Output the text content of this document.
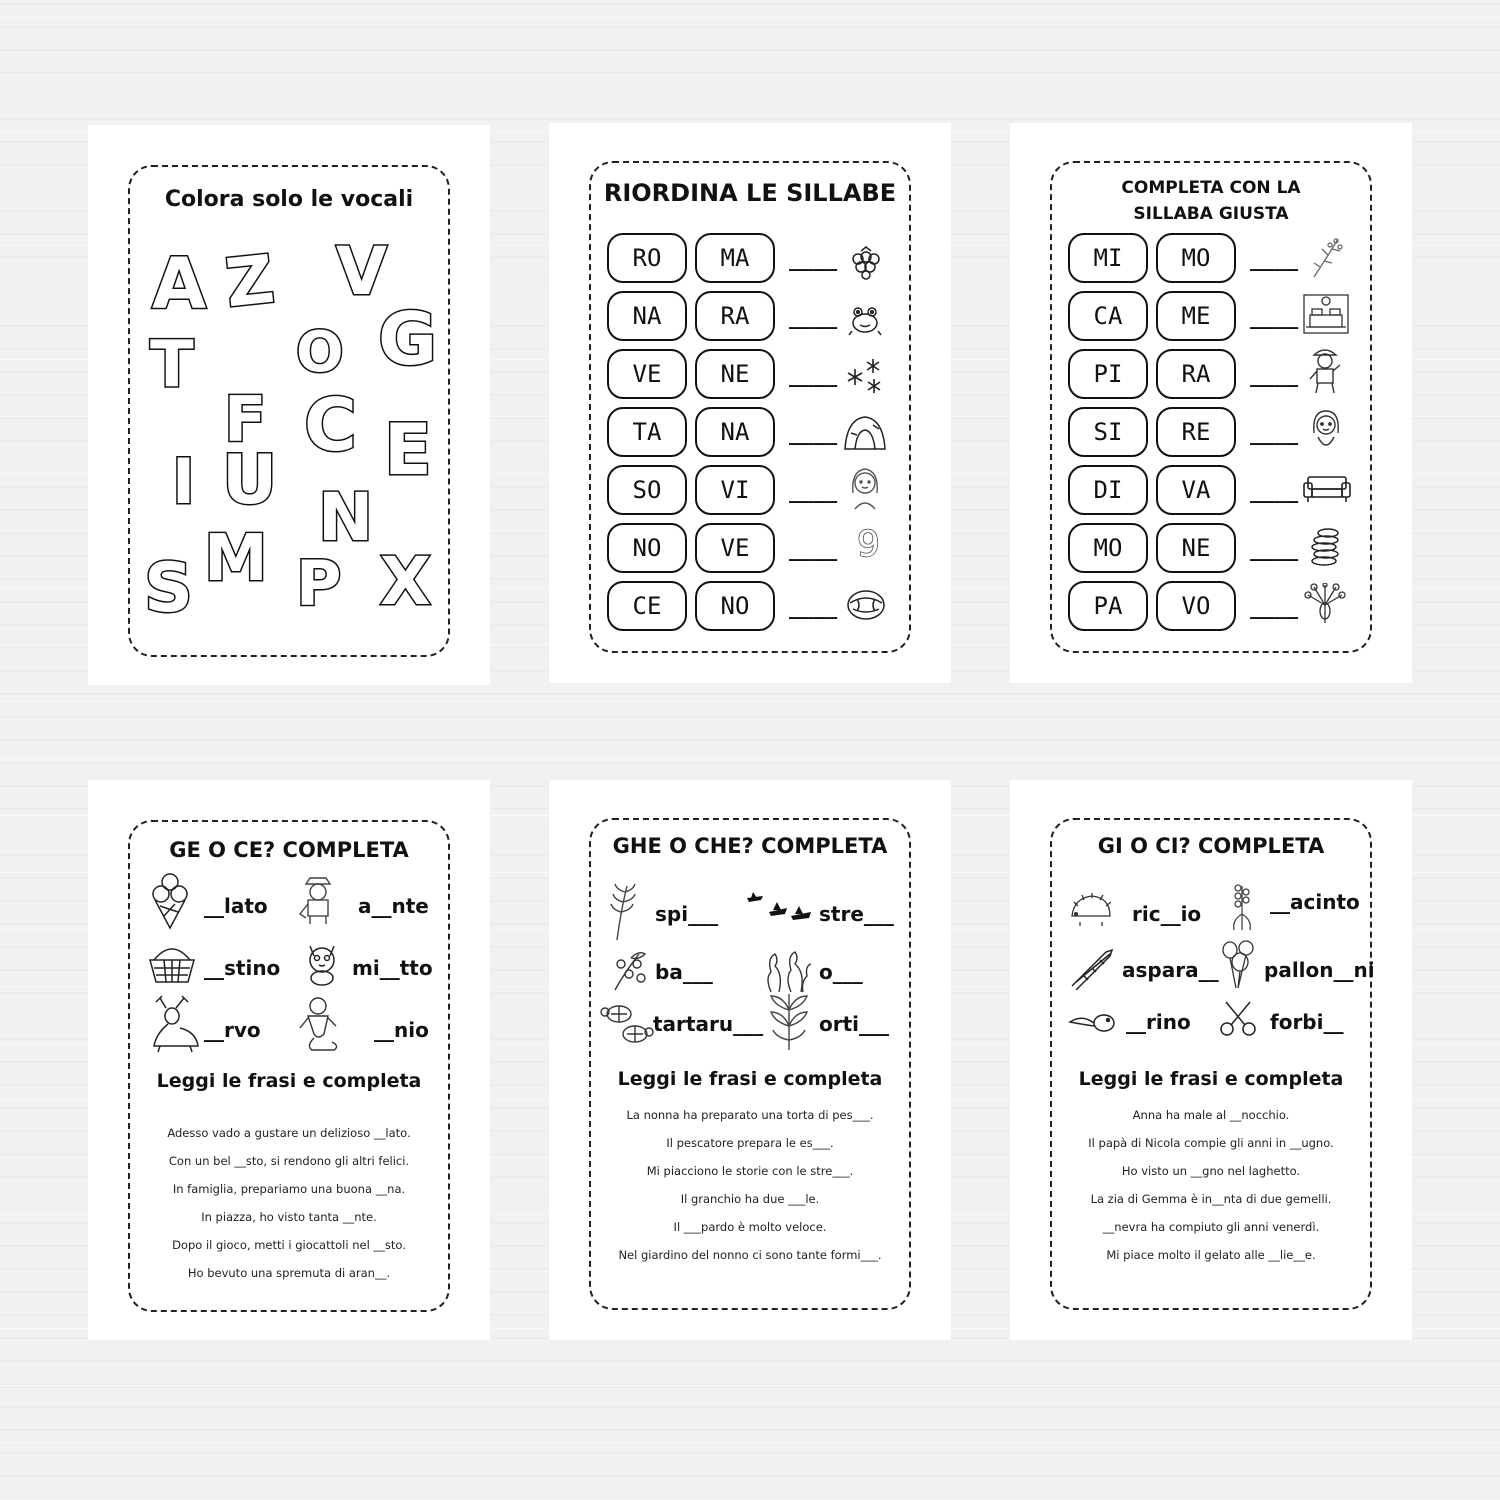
Colora solo le vocali
A Z V
T O G
F C E
I U N
S M P X
RIORDINA LE SILLABE
RO	MA	____
NA	RA	____
VE	NE	____
TA	NA	____
SO	VI	____
NO	VE	____ 9
CE	NO	____
COMPLETA CON LA SILLABA GIUSTA
MI	MO	____
CA	ME	____
PI	RA	____
SI	RE	____
DI	VA	____
MO	NE	____
PA	VO	____
GE O CE? COMPLETA
__lato	a__nte
__stino	mi__tto
__rvo	__nio
Leggi le frasi e completa
Adesso vado a gustare un delizioso __lato.
Con un bel __sto, si rendono gli altri felici.
In famiglia, prepariamo una buona __na.
In piazza, ho visto tanta __nte.
Dopo il gioco, metti i giocattoli nel __sto.
Ho bevuto una spremuta di aran__.
GHE O CHE? COMPLETA
spi___	stre___
ba___	o___
tartaru___	orti___
Leggi le frasi e completa
La nonna ha preparato una torta di pes___.
Il pescatore prepara le es___.
Mi piacciono le storie con le stre___.
Il granchio ha due ___le.
Il ___pardo è molto veloce.
Nel giardino del nonno ci sono tante formi___.
GI O CI? COMPLETA
ric__io	__acinto
aspara__ pallon__ni
__rino	forbi__
Leggi le frasi e completa
Anna ha male al __nocchio.
Il papà di Nicola compie gli anni in __ugno.
Ho visto un __gno nel laghetto.
La zia di Gemma è in__nta di due gemelli.
__nevra ha compiuto gli anni venerdì.
Mi piace molto il gelato alle __lie__e.
